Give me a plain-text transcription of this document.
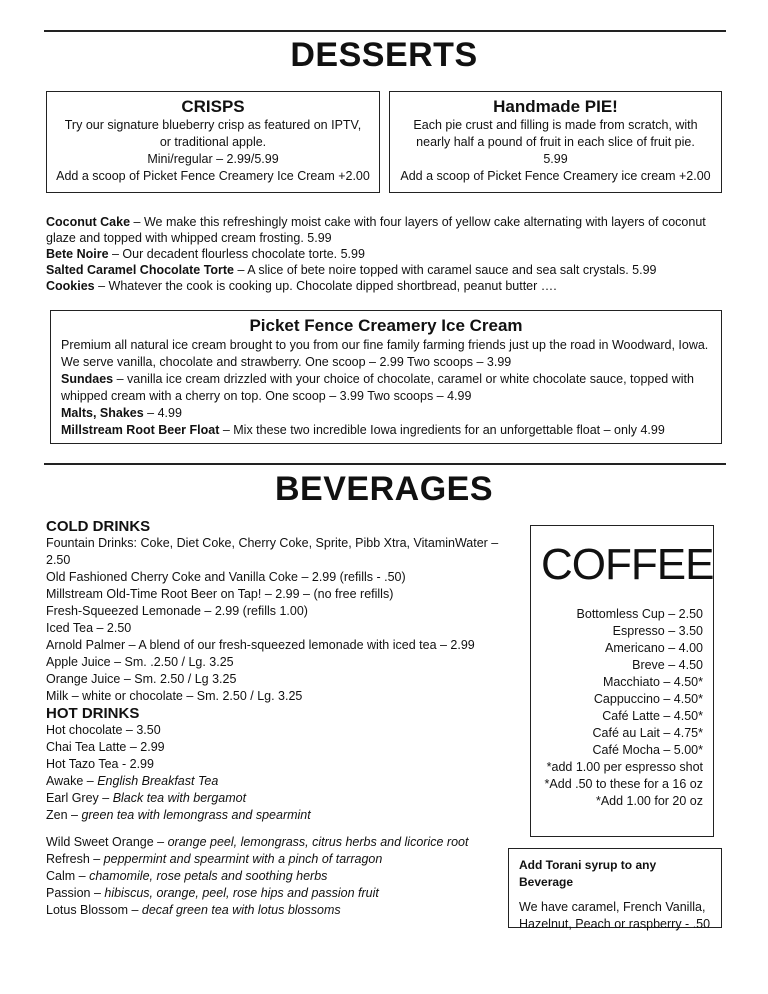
DESSERTS
CRISPS

Try our signature blueberry crisp as featured on IPTV, or traditional apple.

Mini/regular – 2.99/5.99

Add a scoop of Picket Fence Creamery Ice Cream +2.00

Handmade PIE!

Each pie crust and filling is made from scratch, with nearly half a pound of fruit in each slice of fruit pie.

5.99

Add a scoop of Picket Fence Creamery ice cream +2.00

Coconut Cake – We make this refreshingly moist cake with four layers of yellow cake alternating with layers of coconut glaze and topped with whipped cream frosting. 5.99

Bete Noire – Our decadent flourless chocolate torte. 5.99

Salted Caramel Chocolate Torte – A slice of bete noire topped with caramel sauce and sea salt crystals. 5.99

Cookies – Whatever the cook is cooking up. Chocolate dipped shortbread, peanut butter ….

Picket Fence Creamery Ice Cream

Premium all natural ice cream brought to you from our fine family farming friends just up the road in Woodward, Iowa. We serve vanilla, chocolate and strawberry. One scoop – 2.99 Two scoops – 3.99

Sundaes – vanilla ice cream drizzled with your choice of chocolate, caramel or white chocolate sauce, topped with whipped cream with a cherry on top. One scoop – 3.99 Two scoops – 4.99

Malts, Shakes – 4.99

Millstream Root Beer Float – Mix these two incredible Iowa ingredients for an unforgettable float – only 4.99

BEVERAGES
COLD DRINKS

Fountain Drinks: Coke, Diet Coke, Cherry Coke, Sprite, Pibb Xtra, VitaminWater – 2.50

Old Fashioned Cherry Coke and Vanilla Coke – 2.99 (refills - .50)

Millstream Old-Time Root Beer on Tap! – 2.99 – (no free refills)

Fresh-Squeezed Lemonade – 2.99 (refills 1.00)

Iced Tea – 2.50

Arnold Palmer – A blend of our fresh-squeezed lemonade with iced tea – 2.99

Apple Juice – Sm. .2.50 / Lg. 3.25

Orange Juice – Sm. 2.50 / Lg 3.25

Milk – white or chocolate – Sm. 2.50 / Lg. 3.25

HOT DRINKS

Hot chocolate – 3.50

Chai Tea Latte – 2.99

Hot Tazo Tea - 2.99

Awake – English Breakfast Tea

Earl Grey – Black tea with bergamot

Zen – green tea with lemongrass and spearmint

Wild Sweet Orange – orange peel, lemongrass, citrus herbs and licorice root

Refresh – peppermint and spearmint with a pinch of tarragon

Calm – chamomile, rose petals and soothing herbs

Passion – hibiscus, orange, peel, rose hips and passion fruit

Lotus Blossom – decaf green tea with lotus blossoms

COFFEE

Bottomless Cup – 2.50

Espresso – 3.50

Americano – 4.00

Breve – 4.50

Macchiato – 4.50*

Cappuccino – 4.50*

Café Latte – 4.50*

Café au Lait – 4.75*

Café Mocha – 5.00*

*add 1.00 per espresso shot

*Add .50 to these for a 16 oz

*Add 1.00 for 20 oz

Add Torani syrup to any Beverage
We have caramel, French Vanilla, Hazelnut, Peach or raspberry - .50
